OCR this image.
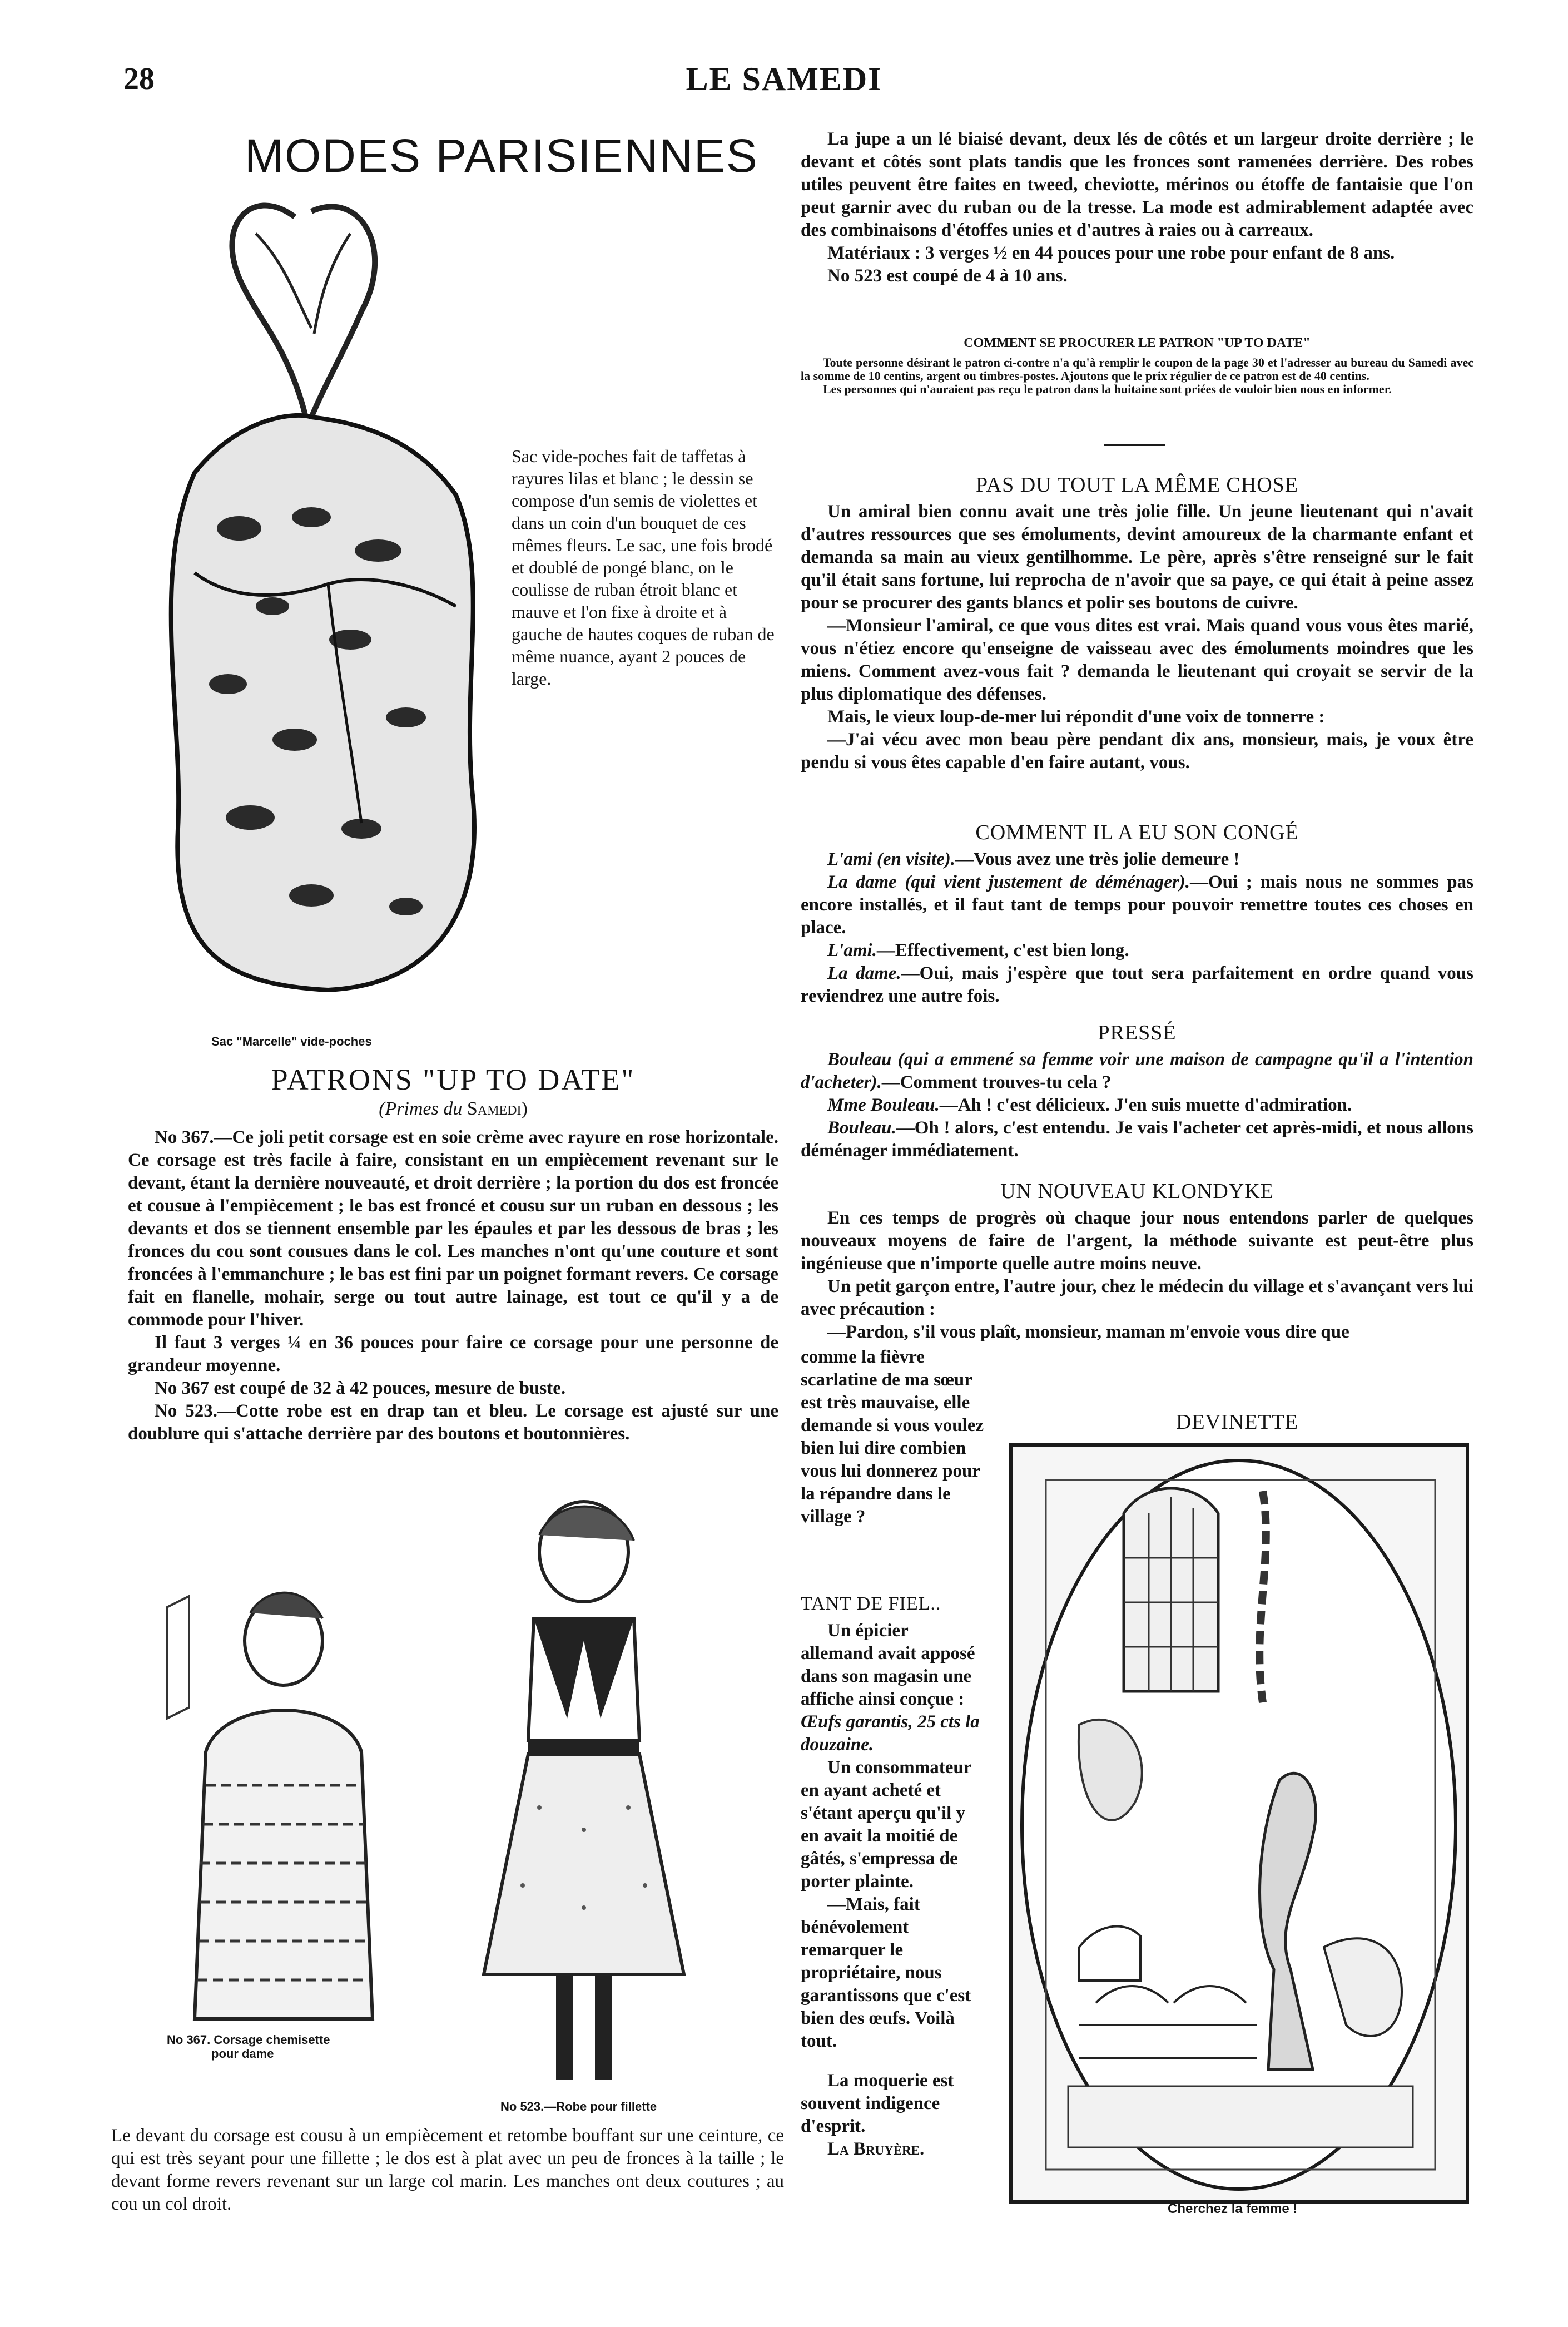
28	LE SAMEDI
MODES PARISIENNES
Sac vide-poches fait de taffetas à rayures lilas et blanc ; le dessin se compose d'un semis de violettes et dans un coin d'un bouquet de ces mêmes fleurs. Le sac, une fois brodé et doublé de pongé blanc, on le coulisse de ruban étroit blanc et mauve et l'on fixe à droite et à gauche de hautes coques de ruban de même nuance, ayant 2 pouces de large.
Sac "Marcelle" vide-poches
PATRONS "UP TO DATE"
(Primes du Samedi)

No 367.—Ce joli petit corsage est en soie crème avec rayure en rose horizontale. Ce corsage est très facile à faire, consistant en un empiècement revenant sur le devant, étant la dernière nouveauté, et droit derrière ; la portion du dos est froncée et cousue à l'empiècement ; le bas est froncé et cousu sur un ruban en dessous ; les devants et dos se tiennent ensemble par les épaules et par les dessous de bras ; les fronces du cou sont cousues dans le col. Les manches n'ont qu'une couture et sont froncées à l'emmanchure ; le bas est fini par un poignet formant revers. Ce corsage fait en flanelle, mohair, serge ou tout autre lainage, est tout ce qu'il y a de commode pour l'hiver.

Il faut 3 verges ¼ en 36 pouces pour faire ce corsage pour une personne de grandeur moyenne.

No 367 est coupé de 32 à 42 pouces, mesure de buste.

No 523.—Cotte robe est en drap tan et bleu. Le corsage est ajusté sur une doublure qui s'attache derrière par des boutons et boutonnières.

No 367. Corsage chemisette
pour dame
No 523.—Robe pour fillette

Le devant du corsage est cousu à un empiècement et retombe bouffant sur une ceinture, ce qui est très seyant pour une fillette ; le dos est à plat avec un peu de fronces à la taille ; le devant forme revers revenant sur un large col marin. Les manches ont deux coutures ; au cou un col droit.

La jupe a un lé biaisé devant, deux lés de côtés et un largeur droite derrière ; le devant et côtés sont plats tandis que les fronces sont ramenées derrière. Des robes utiles peuvent être faites en tweed, cheviotte, mérinos ou étoffe de fantaisie que l'on peut garnir avec du ruban ou de la tresse. La mode est admirablement adaptée avec des combinaisons d'étoffes unies et d'autres à raies ou à carreaux.

Matériaux : 3 verges ½ en 44 pouces pour une robe pour enfant de 8 ans.

No 523 est coupé de 4 à 10 ans.

COMMENT SE PROCURER LE PATRON "UP TO DATE"
Toute personne désirant le patron ci-contre n'a qu'à remplir le coupon de la page 30 et l'adresser au bureau du Samedi avec la somme de 10 centins, argent ou timbres-postes. Ajoutons que le prix régulier de ce patron est de 40 centins.
Les personnes qui n'auraient pas reçu le patron dans la huitaine sont priées de vouloir bien nous en informer.
PAS DU TOUT LA MÊME CHOSE

Un amiral bien connu avait une très jolie fille. Un jeune lieutenant qui n'avait d'autres ressources que ses émoluments, devint amoureux de la charmante enfant et demanda sa main au vieux gentilhomme. Le père, après s'être renseigné sur le fait qu'il était sans fortune, lui reprocha de n'avoir que sa paye, ce qui était à peine assez pour se procurer des gants blancs et polir ses boutons de cuivre.

—Monsieur l'amiral, ce que vous dites est vrai. Mais quand vous vous êtes marié, vous n'étiez encore qu'enseigne de vaisseau avec des émoluments moindres que les miens. Comment avez-vous fait ? demanda le lieutenant qui croyait se servir de la plus diplomatique des défenses.

Mais, le vieux loup-de-mer lui répondit d'une voix de tonnerre :

—J'ai vécu avec mon beau père pendant dix ans, monsieur, mais, je voux être pendu si vous êtes capable d'en faire autant, vous.

COMMENT IL A EU SON CONGÉ

L'ami (en visite).—Vous avez une très jolie demeure !

La dame (qui vient justement de déménager).—Oui ; mais nous ne sommes pas encore installés, et il faut tant de temps pour pouvoir remettre toutes ces choses en place.

L'ami.—Effectivement, c'est bien long.

La dame.—Oui, mais j'espère que tout sera parfaitement en ordre quand vous reviendrez une autre fois.

PRESSÉ

Bouleau (qui a emmené sa femme voir une maison de campagne qu'il a l'intention d'acheter).—Comment trouves-tu cela ?

Mme Bouleau.—Ah ! c'est délicieux. J'en suis muette d'admiration.

Bouleau.—Oh ! alors, c'est entendu. Je vais l'acheter cet après-midi, et nous allons déménager immédiatement.

UN NOUVEAU KLONDYKE

En ces temps de progrès où chaque jour nous entendons parler de quelques nouveaux moyens de faire de l'argent, la méthode suivante est peut-être plus ingénieuse que n'importe quelle autre moins neuve.

Un petit garçon entre, l'autre jour, chez le médecin du village et s'avançant vers lui avec précaution :

—Pardon, s'il vous plaît, monsieur, maman m'envoie vous dire que

comme la fièvre scarlatine de ma sœur est très mauvaise, elle demande si vous voulez bien lui dire combien vous lui donnerez pour la répandre dans le village ?

TANT DE FIEL..

Un épicier allemand avait apposé dans son magasin une affiche ainsi conçue : Œufs garantis, 25 cts la douzaine.

Un consommateur en ayant acheté et s'étant aperçu qu'il y en avait la moitié de gâtés, s'empressa de porter plainte.

—Mais, fait bénévolement remarquer le propriétaire, nous garantissons que c'est bien des œufs. Voilà tout.

La moquerie est souvent indigence d'esprit.

La Bruyère.

DEVINETTE
Cherchez la femme !
